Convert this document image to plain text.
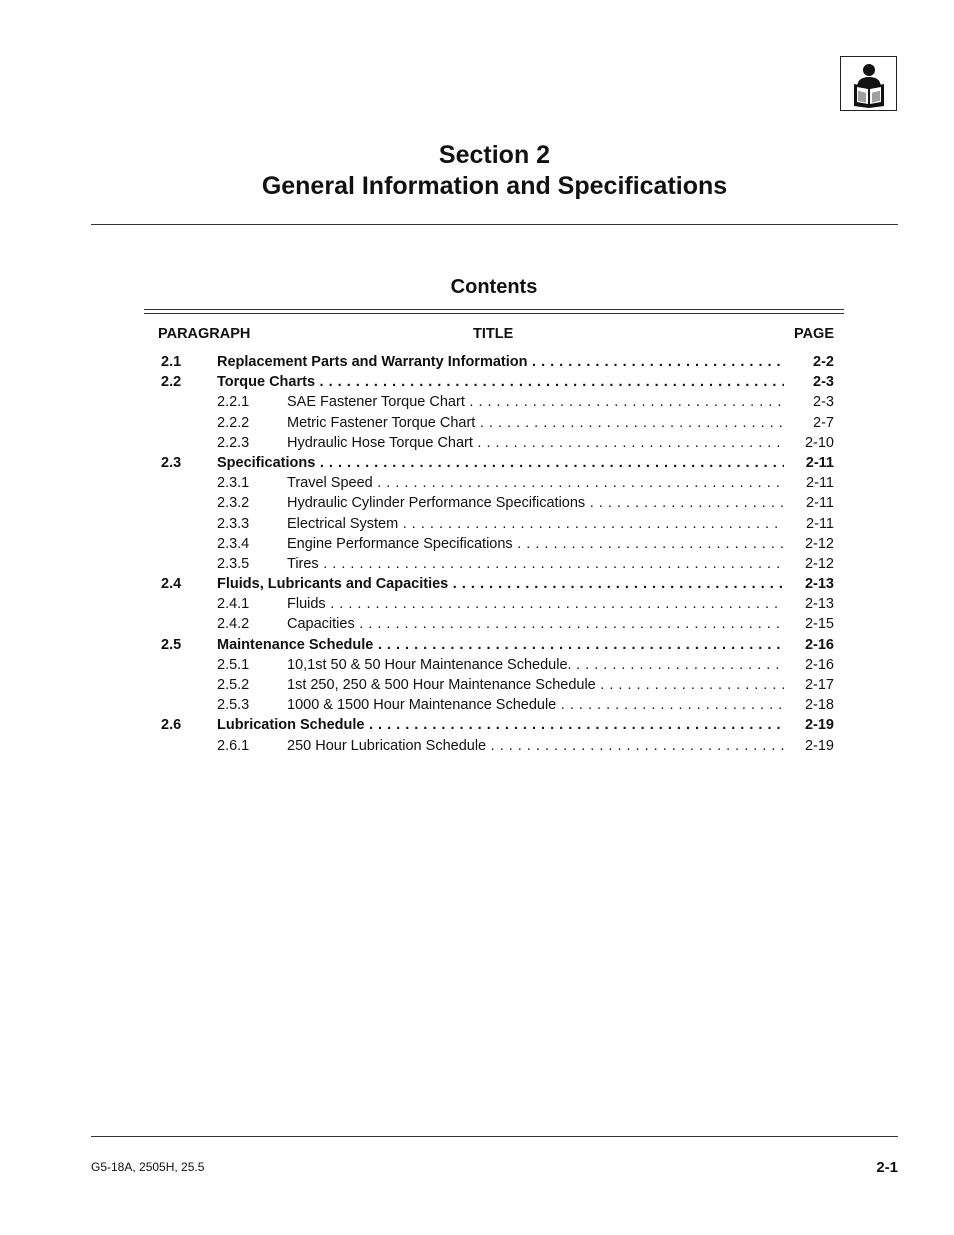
Section 2
General Information and Specifications
Contents
PARAGRAPH	TITLE	PAGE
2.1 Replacement Parts and Warranty Information . . .	2-2
2.2 Torque Charts . . .	2-3
2.2.1	SAE Fastener Torque Chart . . .	2-3
2.2.2	Metric Fastener Torque Chart . . .	2-7
2.2.3	Hydraulic Hose Torque Chart . . .	2-10
2.3 Specifications . . .	2-11
2.3.1	Travel Speed . . .	2-11
2.3.2	Hydraulic Cylinder Performance Specifications . . .	2-11
2.3.3	Electrical System . . .	2-11
2.3.4	Engine Performance Specifications . . .	2-12
2.3.5	Tires . . .	2-12
2.4 Fluids, Lubricants and Capacities . . .	2-13
2.4.1	Fluids . . .	2-13
2.4.2	Capacities . . .	2-15
2.5 Maintenance Schedule . . .	2-16
2.5.1	10,1st 50 & 50 Hour Maintenance Schedule. . . .	2-16
2.5.2	1st 250, 250 & 500 Hour Maintenance Schedule . . .	2-17
2.5.3	1000 & 1500 Hour Maintenance Schedule . . .	2-18
2.6 Lubrication Schedule . . .	2-19
2.6.1	250 Hour Lubrication Schedule . . .	2-19
G5-18A, 2505H, 25.5	2-1
